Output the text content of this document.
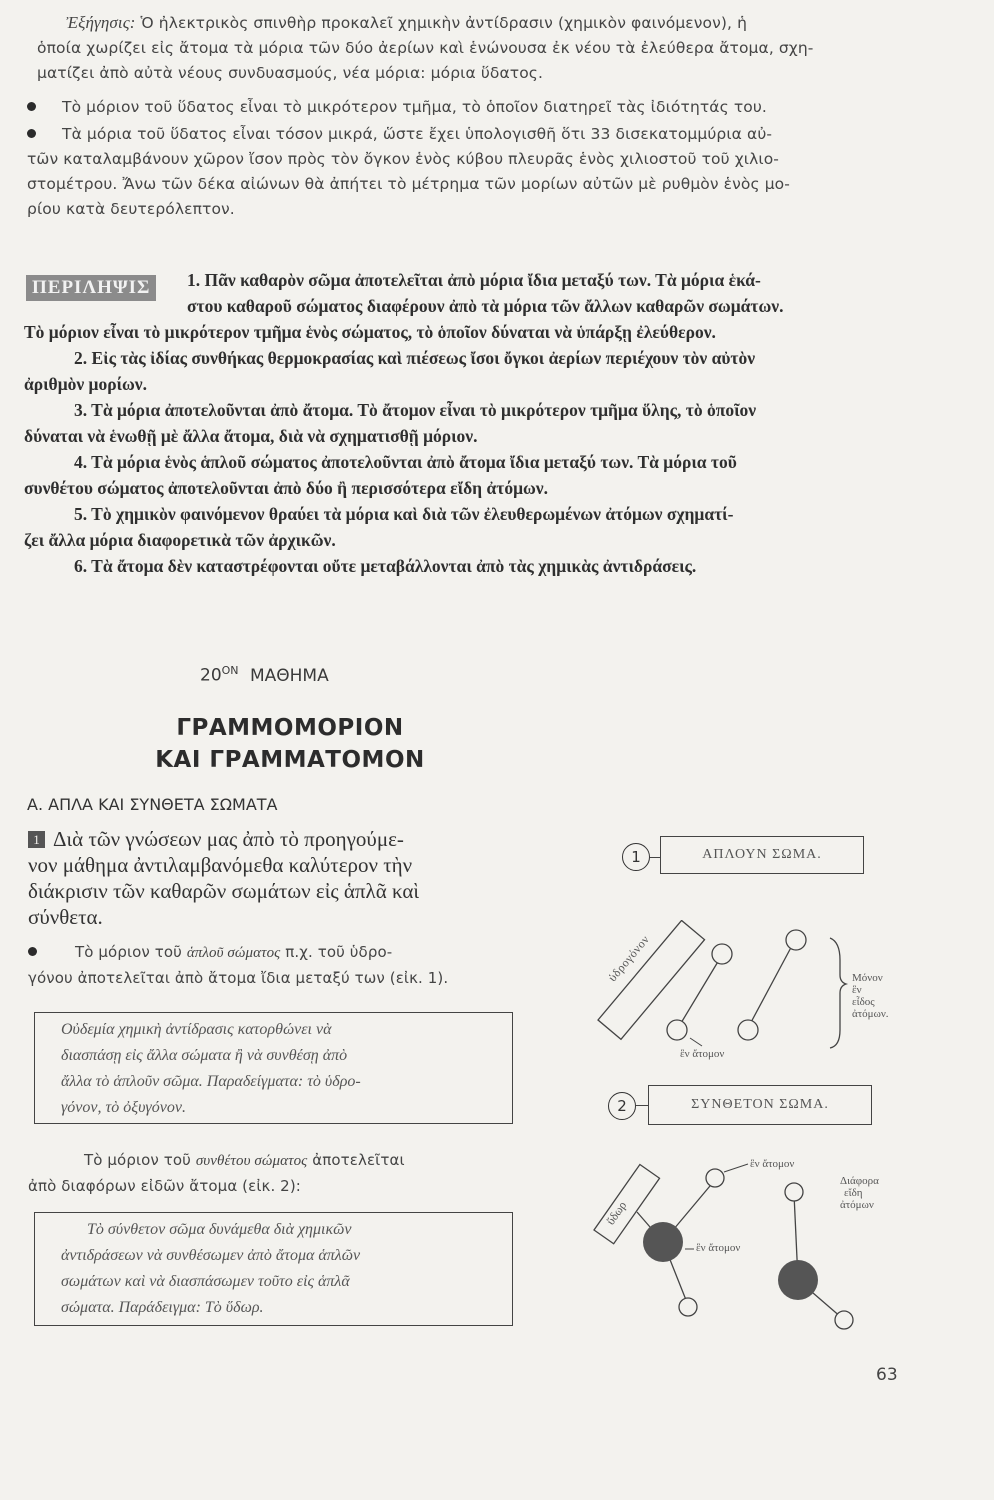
Ἐξήγησις: Ὁ ἠλεκτρικὸς σπινθὴρ προκαλεῖ χημικὴν ἀντίδρασιν (χημικὸν φαινόμενον), ἡ
ὁποία χωρίζει εἰς ἄτομα τὰ μόρια τῶν δύο ἀερίων καὶ ἑνώνουσα ἐκ νέου τὰ ἐλεύθερα ἄτομα, σχη-
ματίζει ἀπὸ αὐτὰ νέους συνδυασμούς, νέα μόρια: μόρια ὕδατος.
Τὸ μόριον τοῦ ὕδατος εἶναι τὸ μικρότερον τμῆμα, τὸ ὁποῖον διατηρεῖ τὰς ἰδιότητάς του.
Τὰ μόρια τοῦ ὕδατος εἶναι τόσον μικρά, ὥστε ἔχει ὑπολογισθῆ ὅτι 33 δισεκατομμύρια αὐ-
τῶν καταλαμβάνουν χῶρον ἴσον πρὸς τὸν ὄγκον ἑνὸς κύβου πλευρᾶς ἑνὸς χιλιοστοῦ τοῦ χιλιο-
στομέτρου. Ἄνω τῶν δέκα αἰώνων θὰ ἀπήτει τὸ μέτρημα τῶν μορίων αὐτῶν μὲ ρυθμὸν ἑνὸς μο-
ρίου κατὰ δευτερόλεπτον.
ΠΕΡΙΛΗΨΙΣ	1. Πᾶν καθαρὸν σῶμα ἀποτελεῖται ἀπὸ μόρια ἴδια μεταξύ των. Τὰ μόρια ἑκά-
στου καθαροῦ σώματος διαφέρουν ἀπὸ τὰ μόρια τῶν ἄλλων καθαρῶν σωμάτων.
Τὸ μόριον εἶναι τὸ μικρότερον τμῆμα ἑνὸς σώματος, τὸ ὁποῖον δύναται νὰ ὑπάρξῃ ἐλεύθερον.
2. Εἰς τὰς ἰδίας συνθήκας θερμοκρασίας καὶ πιέσεως ἴσοι ὄγκοι ἀερίων περιέχουν τὸν αὐτὸν
ἀριθμὸν μορίων.
3. Τὰ μόρια ἀποτελοῦνται ἀπὸ ἄτομα. Τὸ ἄτομον εἶναι τὸ μικρότερον τμῆμα ὕλης, τὸ ὁποῖον
δύναται νὰ ἑνωθῇ μὲ ἄλλα ἄτομα, διὰ νὰ σχηματισθῇ μόριον.
4. Τὰ μόρια ἑνὸς ἁπλοῦ σώματος ἀποτελοῦνται ἀπὸ ἄτομα ἴδια μεταξύ των. Τὰ μόρια τοῦ
συνθέτου σώματος ἀποτελοῦνται ἀπὸ δύο ἢ περισσότερα εἴδη ἀτόμων.
5. Τὸ χημικὸν φαινόμενον θραύει τὰ μόρια καὶ διὰ τῶν ἐλευθερωμένων ἀτόμων σχηματί-
ζει ἄλλα μόρια διαφορετικὰ τῶν ἀρχικῶν.
6. Τὰ ἄτομα δὲν καταστρέφονται οὔτε μεταβάλλονται ἀπὸ τὰς χημικὰς ἀντιδράσεις.
$20^{ON}$ ΜΑΘΗΜΑ
ΓΡΑΜΜΟΜΟΡΙΟΝ
ΚΑΙ ΓΡΑΜΜΑΤΟΜΟΝ
Α. ΑΠΛΑ ΚΑΙ ΣΥΝΘΕΤΑ ΣΩΜΑΤΑ
1 Διὰ τῶν γνώσεων μας ἀπὸ τὸ προηγούμε-
νον μάθημα ἀντιλαμβανόμεθα καλύτερον τὴν
διάκρισιν τῶν καθαρῶν σωμάτων εἰς ἁπλᾶ καὶ
σύνθετα.
Τὸ μόριον τοῦ ἁπλοῦ σώματος π.χ. τοῦ ὑδρο-
γόνου ἀποτελεῖται ἀπὸ ἄτομα ἴδια μεταξύ των (εἰκ. 1).
Οὐδεμία χημικὴ ἀντίδρασις κατορθώνει νὰ
διασπάσῃ εἰς ἄλλα σώματα ἢ νὰ συνθέσῃ ἀπὸ
ἄλλα τὸ ἁπλοῦν σῶμα. Παραδείγματα: τὸ ὑδρο-
γόνον, τὸ ὀξυγόνον.
Τὸ μόριον τοῦ συνθέτου σώματος ἀποτελεῖται
ἀπὸ διαφόρων εἰδῶν ἄτομα (εἰκ. 2):
Τὸ σύνθετον σῶμα δυνάμεθα διὰ χημικῶν
ἀντιδράσεων νὰ συνθέσωμεν ἀπὸ ἄτομα ἁπλῶν
σωμάτων καὶ νὰ διασπάσωμεν τοῦτο εἰς ἁπλᾶ
σώματα. Παράδειγμα: Τὸ ὕδωρ.
1	ΑΠΛΟΥΝ ΣΩΜΑ.
ὑδρογόνον
ἓν ἄτομον
Μόνον
ἓν
εἶδος
ἀτόμων.
2	ΣΥΝΘΕΤΟΝ ΣΩΜΑ.
ὕδωρ
ἓν ἄτομον
ἓν ἄτομον
Διάφορα
εἴδη
ἀτόμων
63
